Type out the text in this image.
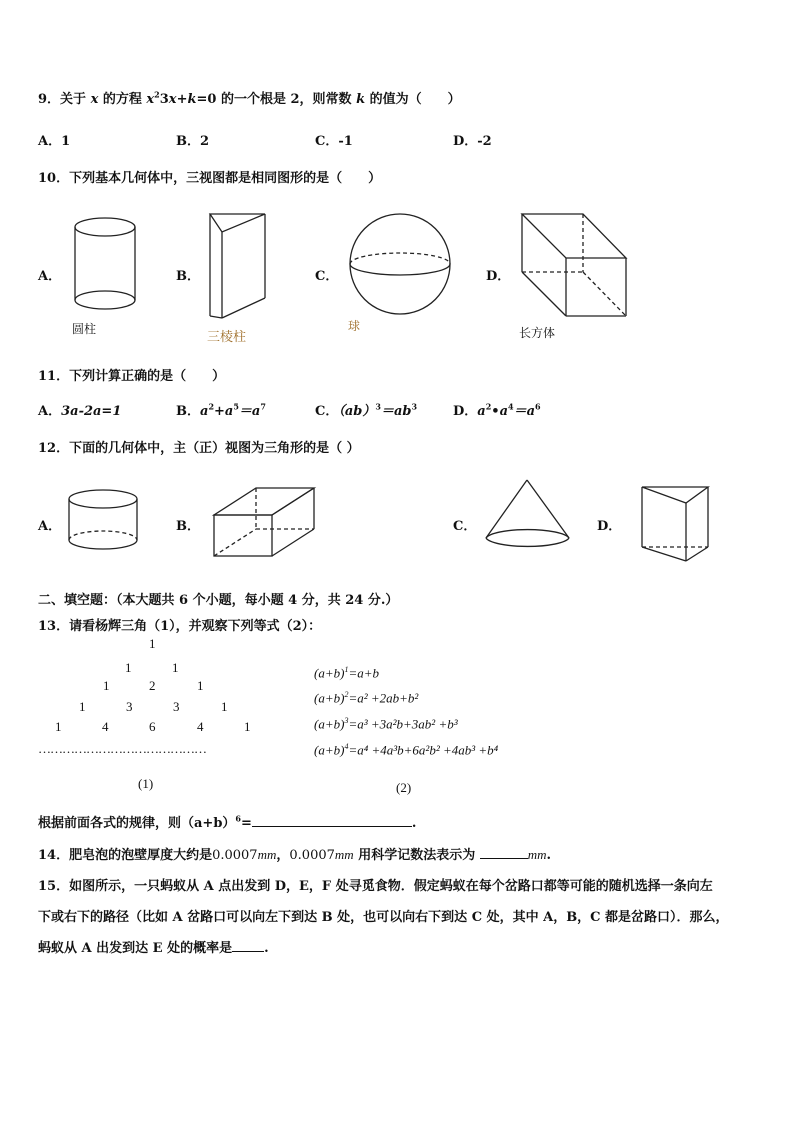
9．关于 x 的方程 $x^23x+k=0$ 的一个根是 2，则常数 k 的值为（　　）
A．1	B．2	C．-1	D．-2
10．下列基本几何体中，三视图都是相同图形的是（　　）
A．	B．	C．	D．
圆柱
三棱柱
球	长方体
11．下列计算正确的是（　　）
A．3a-2a=1	B．$a^2+a^5=a^7$	C．$(ab)^3=ab^3$	D．$a^2•a^4=a^6$
12．下面的几何体中，主（正）视图为三角形的是（ ）
A．	B．	C．	D．
二、填空题：（本大题共 6 个小题，每小题 4 分，共 24 分.）
13．请看杨辉三角（1），并观察下列等式（2）：
1
1	1
1	2	1
1	3	3	1
1	4	6	4	1
……………………………………
(1)
$(a+b)^1=a+b$
$(a+b)^2=a^2 +2ab+b^2$
$(a+b)^3=a^3 +3a^2b+3ab^2 +b^3$
$(a+b)^4=a^4 +4a^3b+6a^2b^2 +4ab^3 +b^4$
(2)
根据前面各式的规律，则$(a+b)^6=$	.
14．肥皂泡的泡壁厚度大约是0.0007mm，0.0007mm 用科学记数法表示为	mm.
15．如图所示，一只蚂蚁从 A 点出发到 D，E，F 处寻觅食物．假定蚂蚁在每个岔路口都等可能的随机选择一条向左
下或右下的路径（比如 A 岔路口可以向左下到达 B 处，也可以向右下到达 C 处，其中 A，B，C 都是岔路口）．那么，
蚂蚁从 A 出发到达 E 处的概率是 .
